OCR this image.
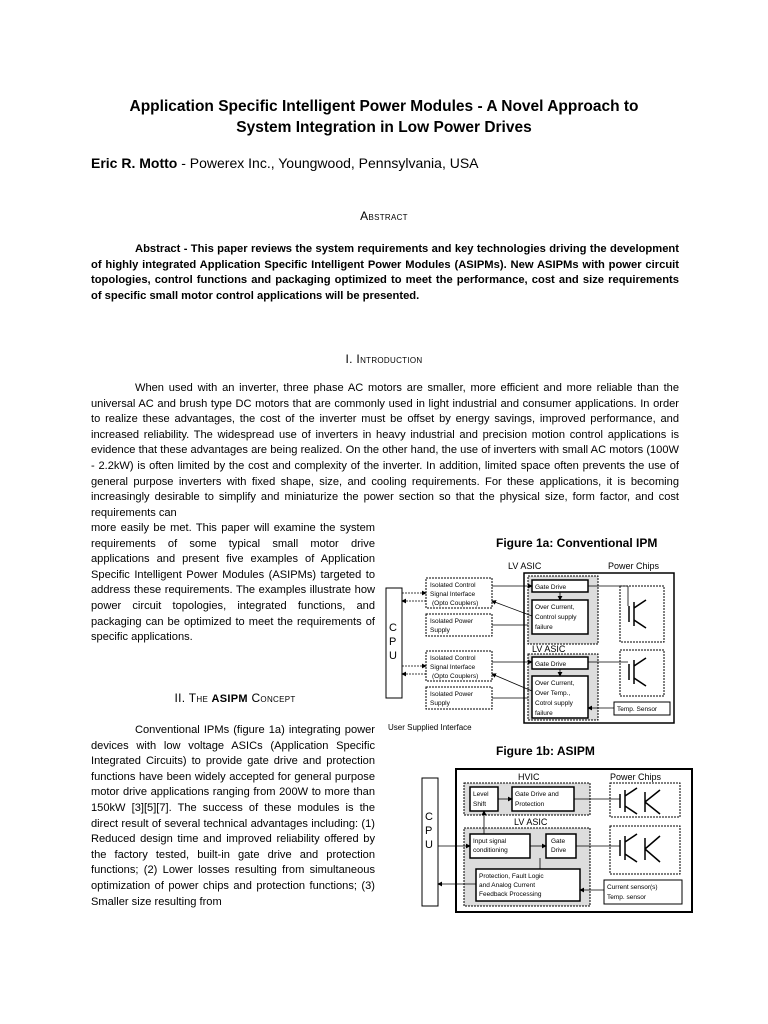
Application Specific Intelligent Power Modules - A Novel Approach to
System Integration in Low Power Drives
Eric R. Motto - Powerex Inc., Youngwood, Pennsylvania, USA
Abstract
Abstract - This paper reviews the system requirements and key technologies driving the development of highly integrated Application Specific Intelligent Power Modules (ASIPMs). New ASIPMs with power circuit topologies, control functions and packaging optimized to meet the performance, cost and size requirements of specific small motor control applications will be presented.
I. Introduction
When used with an inverter, three phase AC motors are smaller, more efficient and more reliable than the universal AC and brush type DC motors that are commonly used in light industrial and consumer applications. In order to realize these advantages, the cost of the inverter must be offset by energy savings, improved performance, and increased reliability. The widespread use of inverters in heavy industrial and precision motion control applications is evidence that these advantages are being realized. On the other hand, the use of inverters with small AC motors (100W - 2.2kW) is often limited by the cost and complexity of the inverter. In addition, limited space often prevents the use of general purpose inverters with fixed shape, size, and cooling requirements. For these applications, it is becoming increasingly desirable to simplify and miniaturize the power section so that the physical size, form factor, and cost requirements can
more easily be met. This paper will examine the system requirements of some typical small motor drive applications and present five examples of Application Specific Intelligent Power Modules (ASIPMs) targeted to address these requirements. The examples illustrate how power circuit topologies, integrated functions, and packaging can be optimized to meet the requirements of specific applications.
II. The ASIPM Concept
Conventional IPMs (figure 1a) integrating power devices with low voltage ASICs (Application Specific Integrated Circuits) to provide gate drive and protection functions have been widely accepted for general purpose motor drive applications ranging from 200W to more than 150kW [3][5][7]. The success of these modules is the direct result of several technical advantages including: (1) Reduced design time and improved reliability offered by the factory tested, built-in gate drive and protection functions; (2) Lower losses resulting from simultaneous optimization of power chips and protection functions; (3) Smaller size resulting from
Figure 1a: Conventional IPM
LV ASIC	Power Chips
C
P
U
Isolated Control
Signal Interface
(Opto Couplers)
Isolated Power
Supply
Gate Drive
Over Current,
Control supply
failure
LV ASIC
Isolated Control
Signal Interface
(Opto Couplers)
Isolated Power
Supply
Gate Drive
Over Current,
Over Temp.,
Cotrol supply
failure
Temp. Sensor
User Supplied Interface
Figure 1b: ASIPM
C
P
U
HVIC	Power Chips
Level
Shift
Gate Drive and
Protection
LV ASIC
Input signal
conditioning
Gate
Drive
Protection, Fault Logic
and Analog Current
Feedback Processing
Current sensor(s)
Temp. sensor
